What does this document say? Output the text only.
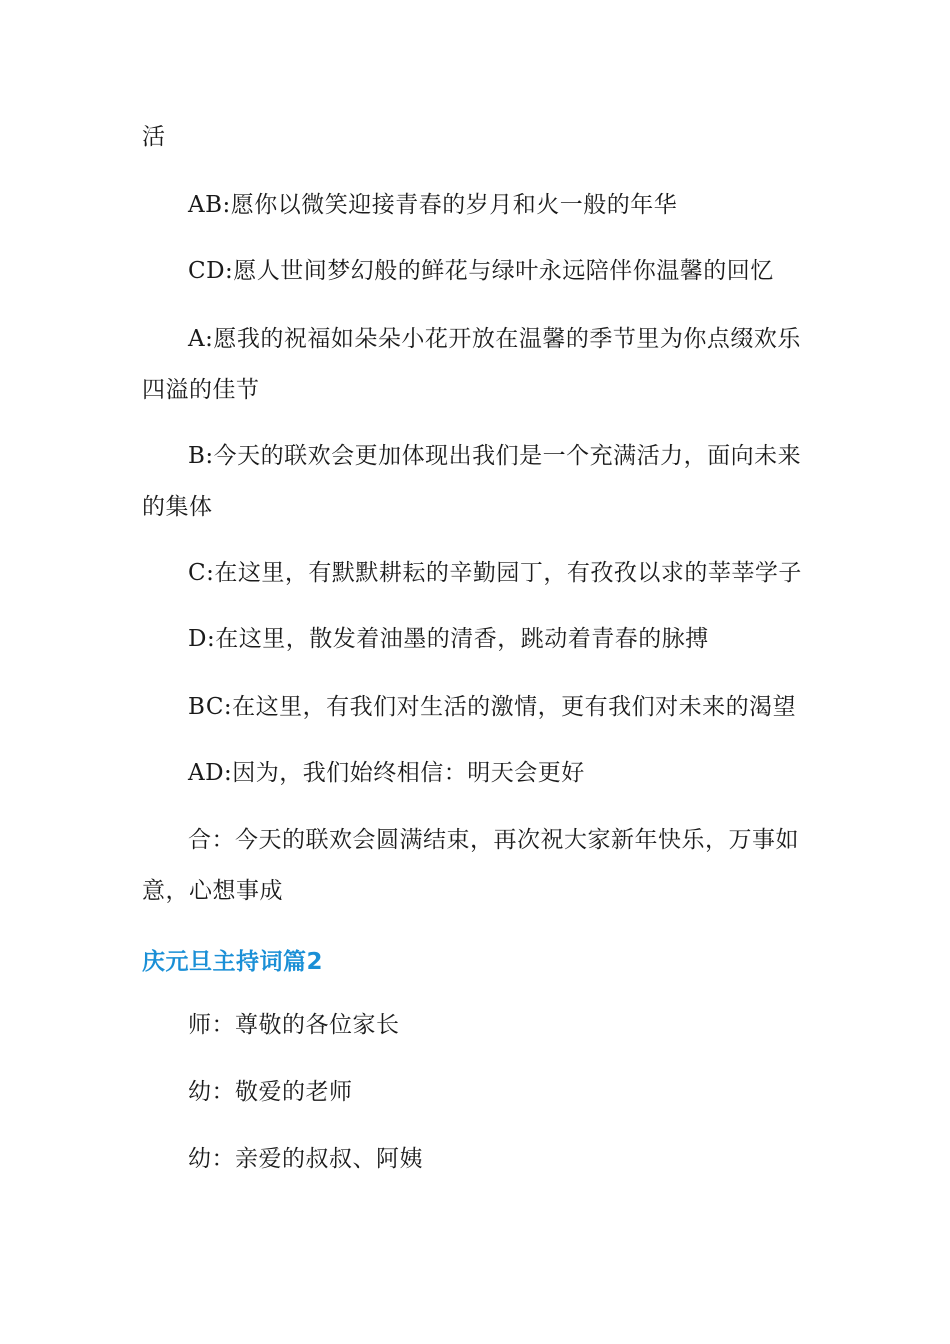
活

AB:愿你以微笑迎接青春的岁月和火一般的年华

CD:愿人世间梦幻般的鲜花与绿叶永远陪伴你温馨的回忆

A:愿我的祝福如朵朵小花开放在温馨的季节里为你点缀欢乐四溢的佳节

B:今天的联欢会更加体现出我们是一个充满活力，面向未来的集体

C:在这里，有默默耕耘的辛勤园丁，有孜孜以求的莘莘学子

D:在这里，散发着油墨的清香，跳动着青春的脉搏

BC:在这里，有我们对生活的激情，更有我们对未来的渴望

AD:因为，我们始终相信：明天会更好

合：今天的联欢会圆满结束，再次祝大家新年快乐，万事如意，心想事成

庆元旦主持词篇2

师：尊敬的各位家长

幼：敬爱的老师

幼：亲爱的叔叔、阿姨
